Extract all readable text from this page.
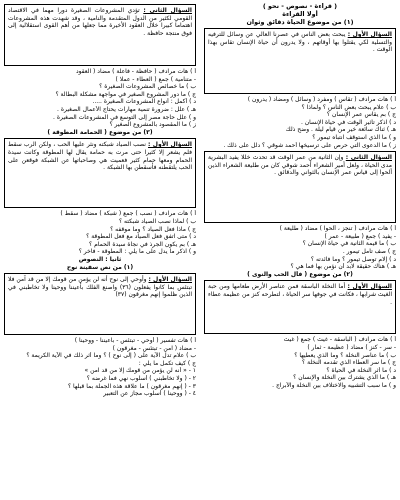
( قراءة - نصوص - نحو )
أولا القراءة
(١) من موضوع الحياة دقائق وثوان
السؤال الأول : يبحث بعض الناس في عصرنا العالي عن وسائل للترفيه والتسلية لكي يقتلوا بها أوقاتهم ، ولا يدرون أن حياة الإنسان تقاس بهذا الوقت .
أ ) هات مرادف ( تقاس ) ومفرد ( وسائل ) ومضاد ( يدرون )
ب ) علام يبحث بعض الناس ؟ ولماذا ؟
ج ) بم يقاس عمر الإنسان ؟
د ) اذكر تأثير الوقت في حياة الإنسان .
هـ ) ثناك سائعة خير من قيام ليلة . وضح ذلك
و ) ما الذي استوقف انتباه تيمور ؟
ز ) ما الدعوى التي حرص على ترسيخها أحمد شوقي ؟ دلل على ذلك .
السؤال الثاني : وإن الثانية من عمر الوقت قد تحدث خللا يفيد البشرية مدى الحياة ، ولعل أمير الشعراء أحمد شوقي كان من طليعة الشعراء الذين ألحوا إلى قياس عمر الإنسان بالثواني والدقائق .
أ ) هات مرادف ( تنجز ، ألحوا ) مضاد ( طليعة )
- يفيد ) جمع ( طبيعة - عمر )
ب ) ما قيمة الثانية في حياة الإنسان ؟
ج ) صف تأمل تيمور .
د ) إلام توصل تيمور ؟ وما فائدته ؟
هـ ) هناك حقيقة لابد أن نؤمن بها فما هي ؟
(٢) من موضوع ( فأل الحب والنوى )
السؤال الأول : أما النخلة الباسقة فمن عناصر الأرض طعامها ومن حبة الغيث شرابها ، فكانت في جوفها سر الحياة ، لتطرحه كنز من عظيمة عطاء .
أ ) هات مرادف ( الباسقة - غيث ) جمع ( غيث
- سر - كنز ) مضاد ( عظيمة - ثمار )
ب ) ما عناصر النخلة ؟ وما الذي يعطيها ؟
ج ) ما سر العطاء الذي تقدمه النخلة ؟
د ) ما أثر النخلة في الحياة ؟
هـ ) ما الذي يشترك بين النخلة والإنسان ؟
و ) ما سبب التشبيه والاختلاف بين النخلة والأبراج .
السؤال الثاني : تؤدي المشروعات الصغيرة دورا مهما في الاقتصاد القومي لكثير من الدول المتقدمة والنامية ، وقد شهدت هذه المشروعات اهتماما كبيرا خلال العقود الأخيرة مما جعلها من أهم القوى استقلالية إلى فوق منتجة حافظة .
أ ) هات مرادف ( حافظة - فاعلة ) مضاد ( العقود
- متنامية ) جمع ( العطاء - عملا )
ب ) ما خصائص المشروعات الصغيرة ؟
ج ) ما دور المشروع الصغير في مواجهة مشكلة البطالة ؟
د ) أكمل : أنواع المشروعات الصغيرة .....
هـ ) علل : ضرورة تنمية مهارات يحتاج الأعمال الصغيرة .
و ) علل حاجة مصر إلى التوسع في المشروعات الصغيرة .
ز ) ما المقصود بالمشروع الصغير ؟
(٣) من موضوع ( الحمامة المطوقة )
السؤال الأول : نصب الصياد شبكته ونثر عليها الحب ، ولكن الرب سقط فلم يشعر إلا كثيرا حتى مرت به حمامة يقال لها المطوقة وكانت سيدة الحمام ومعها حمام كثير فعميت هي وصاحباتها عن الشبكة فوقعن على الحب يلتقطنه فأسقطن بها الشبكة .
أ ) هات مرادف ( نصب ) جمع ( شبكة ) مضاد ( سقط )
ب ) لماذا نصب الصياد شبكته ؟
ج ) ماذا فعل الصياد ؟ وما موقفه ؟
د ) متى اتفق فعل الصياد مع فعل المطوقة ؟
هـ ) بم يكون الجرذ في نجاة سيدة الحمام ؟
و ) اذكر ما يدل على ما يلي : المطوقة - فاخر ؟
ثانيا : النصوص
(١) من نص سفينة نوح
السؤال الأول : وأوحي إلى نوح أنه لن يؤمن من قومك إلا من قد آمن فلا تبتئس بما كانوا يفعلون (٣٦) واصنع الفلك بأعيننا ووحينا ولا تخاطبني في الذين ظلموا إنهم مغرقون (٣٧)
أ ) هات تفسير ( أوحي - تبتئس - بأعيننا - ووحينا )
- مضاد ( آمن - تبتئس - مغرقون )
ب ) علام تدل الآية على ( إلى نوح ) ؟ وما أثر ذلك في الآية الكريمة ؟
ج ) كيف تكمل ما يلي :
١ - « أنه لن يؤمن من قومك إلا من قد آمن »
٢ - ( ولا تخاطبني ) أسلوب نهي فما غرضه ؟
٣ - ( إنهم مغرقون ) ما علاقة هذه الجملة بما قبلها ؟
٤ - ( ووحينا ) أسلوب مجاز عن التعبير
